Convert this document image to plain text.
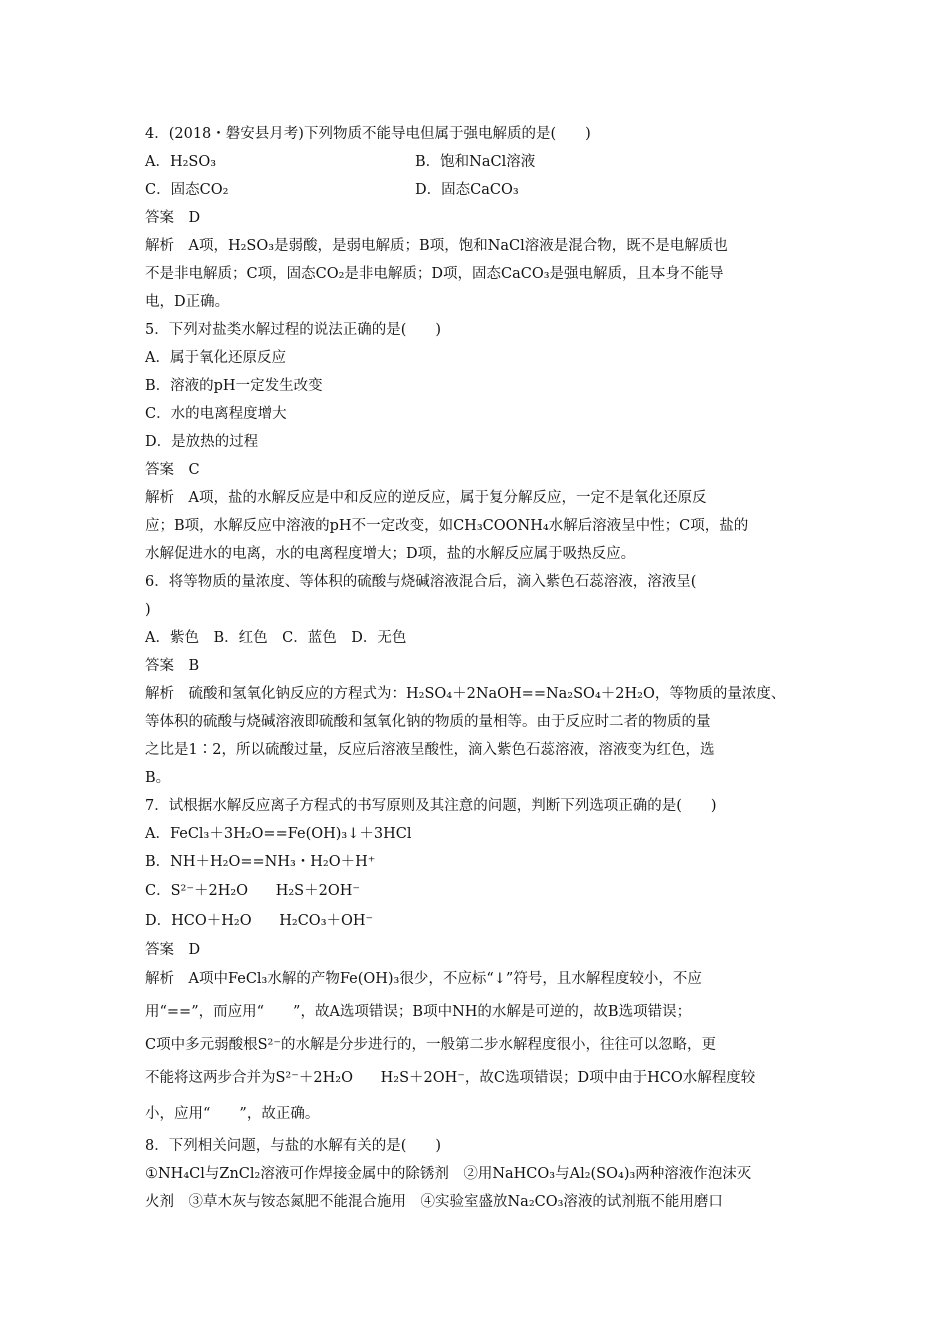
4．(2018・磐安县月考)下列物质不能导电但属于强电解质的是(　　)
A．H₂SO₃	B．饱和NaCl溶液
C．固态CO₂	D．固态CaCO₃
答案　D
解析　A项，H₂SO₃是弱酸，是弱电解质；B项，饱和NaCl溶液是混合物，既不是电解质也
不是非电解质；C项，固态CO₂是非电解质；D项，固态CaCO₃是强电解质，且本身不能导
电，D正确。
5．下列对盐类水解过程的说法正确的是(　　)
A．属于氧化还原反应
B．溶液的pH一定发生改变
C．水的电离程度增大
D．是放热的过程
答案　C
解析　A项，盐的水解反应是中和反应的逆反应，属于复分解反应，一定不是氧化还原反
应；B项，水解反应中溶液的pH不一定改变，如CH₃COONH₄水解后溶液呈中性；C项，盐的
水解促进水的电离，水的电离程度增大；D项，盐的水解反应属于吸热反应。
6．将等物质的量浓度、等体积的硫酸与烧碱溶液混合后，滴入紫色石蕊溶液，溶液呈(
)
A．紫色　B．红色　C．蓝色　D．无色
答案　B
解析　硫酸和氢氧化钠反应的方程式为：H₂SO₄＋2NaOH==Na₂SO₄＋2H₂O，等物质的量浓度、
等体积的硫酸与烧碱溶液即硫酸和氢氧化钠的物质的量相等。由于反应时二者的物质的量
之比是1∶2，所以硫酸过量，反应后溶液呈酸性，滴入紫色石蕊溶液，溶液变为红色，选
B。
7．试根据水解反应离子方程式的书写原则及其注意的问题，判断下列选项正确的是(　　)
A．FeCl₃＋3H₂O==Fe(OH)₃↓＋3HCl
B．NH＋H₂O==NH₃・H₂O＋H⁺
C．S²⁻＋2H₂O      H₂S＋2OH⁻
D．HCO＋H₂O      H₂CO₃＋OH⁻
答案　D
解析　A项中FeCl₃水解的产物Fe(OH)₃很少，不应标“↓”符号，且水解程度较小，不应
用“==”，而应用“　　”，故A选项错误；B项中NH的水解是可逆的，故B选项错误；
C项中多元弱酸根S²⁻的水解是分步进行的，一般第二步水解程度很小，往往可以忽略，更
不能将这两步合并为S²⁻＋2H₂O      H₂S＋2OH⁻，故C选项错误；D项中由于HCO水解程度较
小，应用“　　”，故正确。
8．下列相关问题，与盐的水解有关的是(　　)
①NH₄Cl与ZnCl₂溶液可作焊接金属中的除锈剂　②用NaHCO₃与Al₂(SO₄)₃两种溶液作泡沫灭
火剂　③草木灰与铵态氮肥不能混合施用　④实验室盛放Na₂CO₃溶液的试剂瓶不能用磨口
